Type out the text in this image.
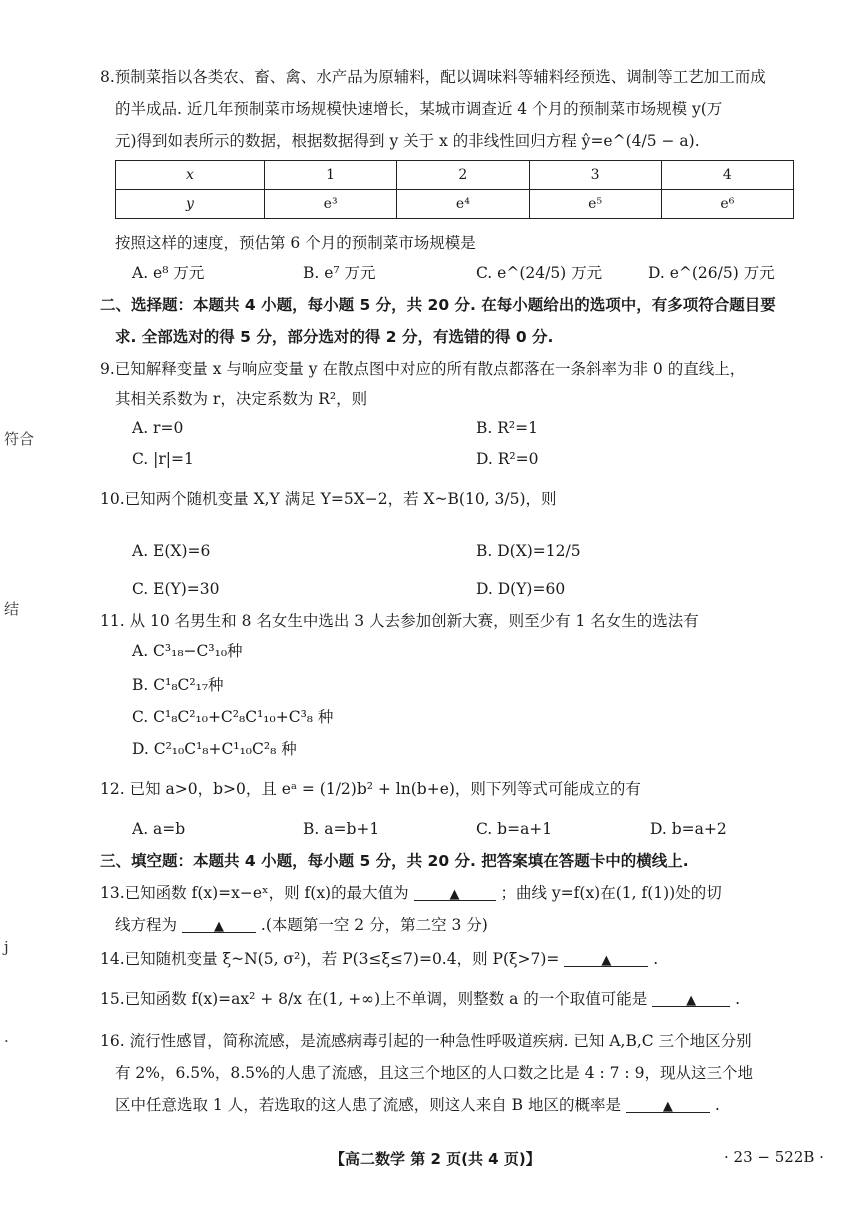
符合
结
j
·
8.预制菜指以各类农、畜、禽、水产品为原辅料，配以调味料等辅料经预选、调制等工艺加工而成
的半成品. 近几年预制菜市场规模快速增长，某城市调查近 4 个月的预制菜市场规模 y(万
元)得到如表所示的数据，根据数据得到 y 关于 x 的非线性回归方程 ŷ=e^(4/5 − a).
x	1	2	3	4
y	e³	e⁴	e⁵	e⁶
按照这样的速度，预估第 6 个月的预制菜市场规模是
A. e⁸ 万元	B. e⁷ 万元	C. e^(24/5) 万元	D. e^(26/5) 万元
二、选择题：本题共 4 小题，每小题 5 分，共 20 分. 在每小题给出的选项中，有多项符合题目要
求. 全部选对的得 5 分，部分选对的得 2 分，有选错的得 0 分.
9.已知解释变量 x 与响应变量 y 在散点图中对应的所有散点都落在一条斜率为非 0 的直线上，
其相关系数为 r，决定系数为 R²，则
A. r=0	B. R²=1
C. |r|=1	D. R²=0
10.已知两个随机变量 X,Y 满足 Y=5X−2，若 X~B(10, 3/5)，则
A. E(X)=6	B. D(X)=12/5
C. E(Y)=30	D. D(Y)=60
11. 从 10 名男生和 8 名女生中选出 3 人去参加创新大赛，则至少有 1 名女生的选法有
A. C³₁₈−C³₁₀种
B. C¹₈C²₁₇种
C. C¹₈C²₁₀+C²₈C¹₁₀+C³₈ 种
D. C²₁₀C¹₈+C¹₁₀C²₈ 种
12. 已知 a>0，b>0，且 eᵃ = (1/2)b² + ln(b+e)，则下列等式可能成立的有
A. a=b	B. a=b+1	C. b=a+1	D. b=a+2
三、填空题：本题共 4 小题，每小题 5 分，共 20 分. 把答案填在答题卡中的横线上.
13.已知函数 f(x)=x−eˣ，则 f(x)的最大值为	▲	；曲线 y=f(x)在(1, f(1))处的切
线方程为	▲ .(本题第一空 2 分，第二空 3 分)
14.已知随机变量 ξ~N(5, σ²)，若 P(3≤ξ≤7)=0.4，则 P(ξ>7)=	▲	.
15.已知函数 f(x)=ax² + 8/x 在(1, +∞)上不单调，则整数 a 的一个取值可能是	▲	.
16. 流行性感冒，简称流感，是流感病毒引起的一种急性呼吸道疾病. 已知 A,B,C 三个地区分别
有 2%，6.5%，8.5%的人患了流感，且这三个地区的人口数之比是 4 : 7 : 9，现从这三个地
区中任意选取 1 人，若选取的这人患了流感，则这人来自 B 地区的概率是	▲	.
【高二数学 第 2 页(共 4 页)】	· 23 − 522B ·
